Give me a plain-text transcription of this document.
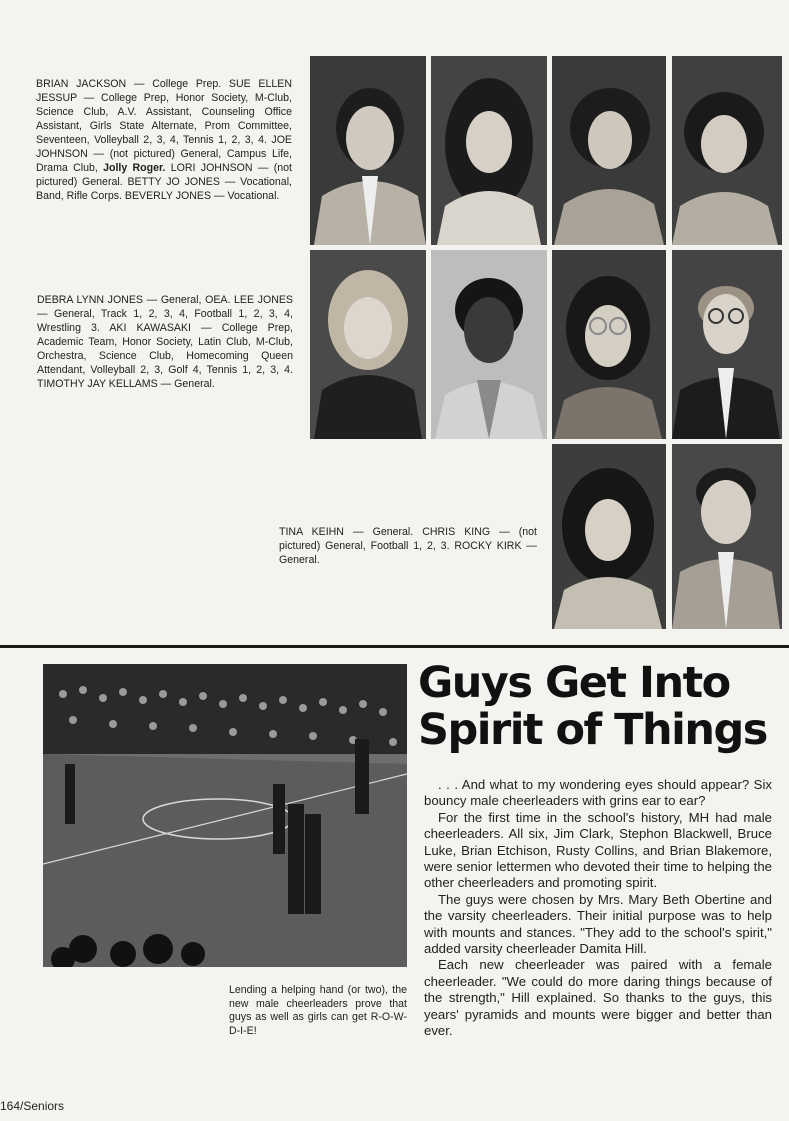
BRIAN JACKSON — College Prep. SUE ELLEN JESSUP — College Prep, Honor Society, M-Club, Science Club, A.V. Assistant, Counseling Office Assistant, Girls State Alternate, Prom Committee, Seventeen, Volleyball 2, 3, 4, Tennis 1, 2, 3, 4. JOE JOHNSON — (not pictured) General, Campus Life, Drama Club, Jolly Roger. LORI JOHNSON — (not pictured) General. BETTY JO JONES — Vocational, Band, Rifle Corps. BEVERLY JONES — Vocational.

DEBRA LYNN JONES — General, OEA. LEE JONES — General, Track 1, 2, 3, 4, Football 1, 2, 3, 4, Wrestling 3. AKI KAWASAKI — College Prep, Academic Team, Honor Society, Latin Club, M-Club, Orchestra, Science Club, Homecoming Queen Attendant, Volleyball 2, 3, Golf 4, Tennis 1, 2, 3, 4. TIMOTHY JAY KELLAMS — General.

TINA KEIHN — General. CHRIS KING — (not pictured) General, Football 1, 2, 3. ROCKY KIRK — General.

Guys Get Into
Spirit of Things

. . . And what to my wondering eyes should appear? Six bouncy male cheerleaders with grins ear to ear?

For the first time in the school's history, MH had male cheerleaders. All six, Jim Clark, Stephon Blackwell, Bruce Luke, Brian Etchison, Rusty Collins, and Brian Blakemore, were senior lettermen who devoted their time to helping the other cheerleaders and promoting spirit.

The guys were chosen by Mrs. Mary Beth Obertine and the varsity cheerleaders. Their initial purpose was to help with mounts and stances. "They add to the school's spirit," added varsity cheerleader Damita Hill.

Each new cheerleader was paired with a female cheerleader. "We could do more daring things because of the strength," Hill explained. So thanks to the guys, this years' pyramids and mounts were bigger and better than ever.

Lending a helping hand (or two), the new male cheerleaders prove that guys as well as girls can get R-O-W-D-I-E!

164/Seniors
